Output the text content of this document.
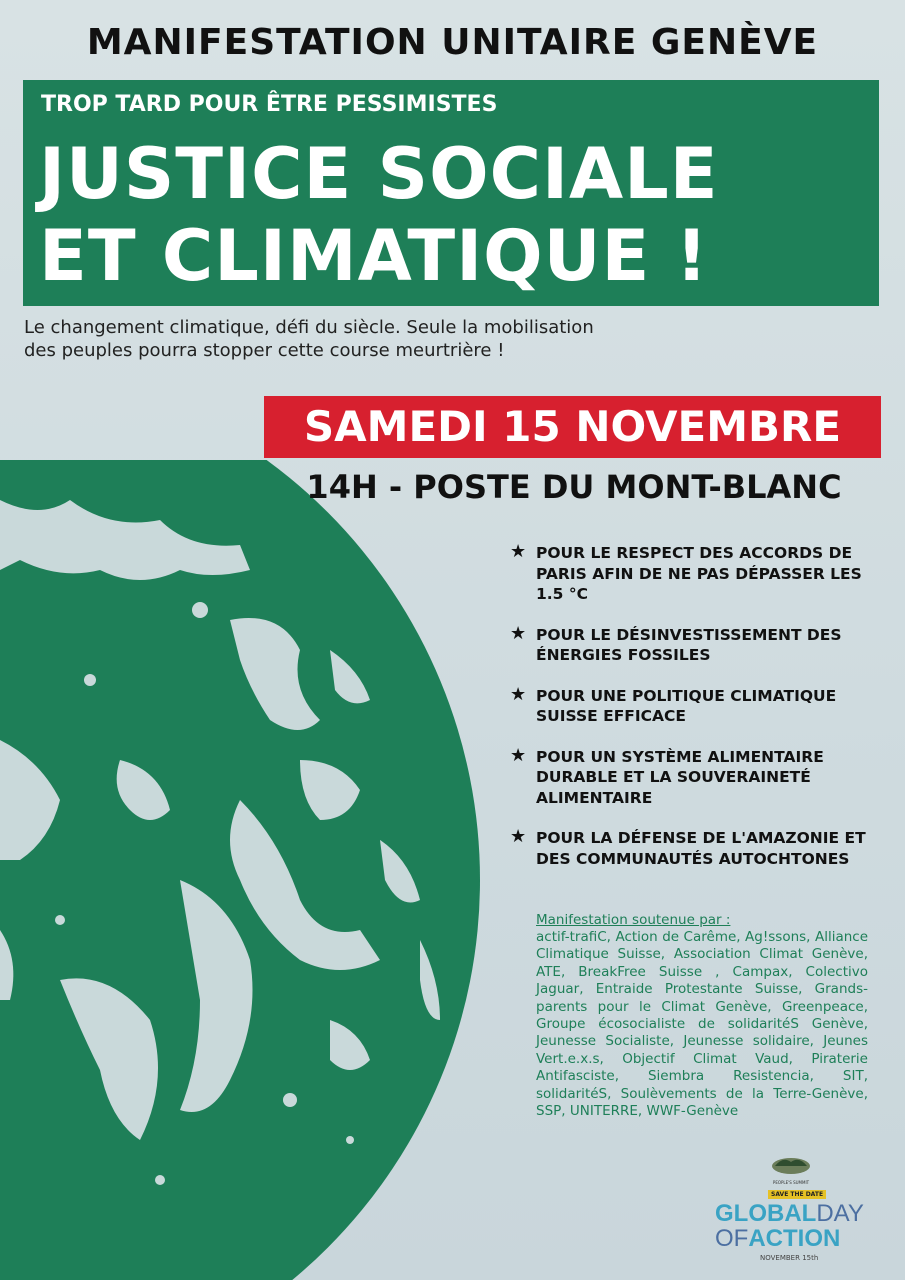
MANIFESTATION UNITAIRE GENÈVE
TROP TARD POUR ÊTRE PESSIMISTES
JUSTICE SOCIALE
ET CLIMATIQUE !
Le changement climatique, défi du siècle. Seule la mobilisation
des peuples pourra stopper cette course meurtrière !
SAMEDI 15 NOVEMBRE
14H - POSTE DU MONT-BLANC
★ POUR LE RESPECT DES ACCORDS DE PARIS AFIN DE NE PAS DÉPASSER LES 1.5 °C
★ POUR LE DÉSINVESTISSEMENT DES ÉNERGIES FOSSILES
★ POUR UNE POLITIQUE CLIMATIQUE SUISSE EFFICACE
★ POUR UN SYSTÈME ALIMENTAIRE DURABLE ET LA SOUVERAINETÉ ALIMENTAIRE
★ POUR LA DÉFENSE DE L'AMAZONIE ET DES COMMUNAUTÉS AUTOCHTONES
Manifestation soutenue par :
actif-trafiC, Action de Carême, Ag!ssons, Alliance Climatique Suisse, Association Climat Genève, ATE, BreakFree Suisse , Campax, Colectivo Jaguar, Entraide Protestante Suisse, Grands-parents pour le Climat Genève, Greenpeace, Groupe écosocialiste de solidaritéS Genève, Jeunesse Socialiste, Jeunesse solidaire, Jeunes Vert.e.x.s, Objectif Climat Vaud, Piraterie Antifasciste, Siembra Resistencia, SIT, solidaritéS, Soulèvements de la Terre-Genève, SSP, UNITERRE, WWF-Genève
PEOPLE'S SUMMIT
SAVE THE DATE
GLOBALDAY
OFACTION
NOVEMBER 15th
